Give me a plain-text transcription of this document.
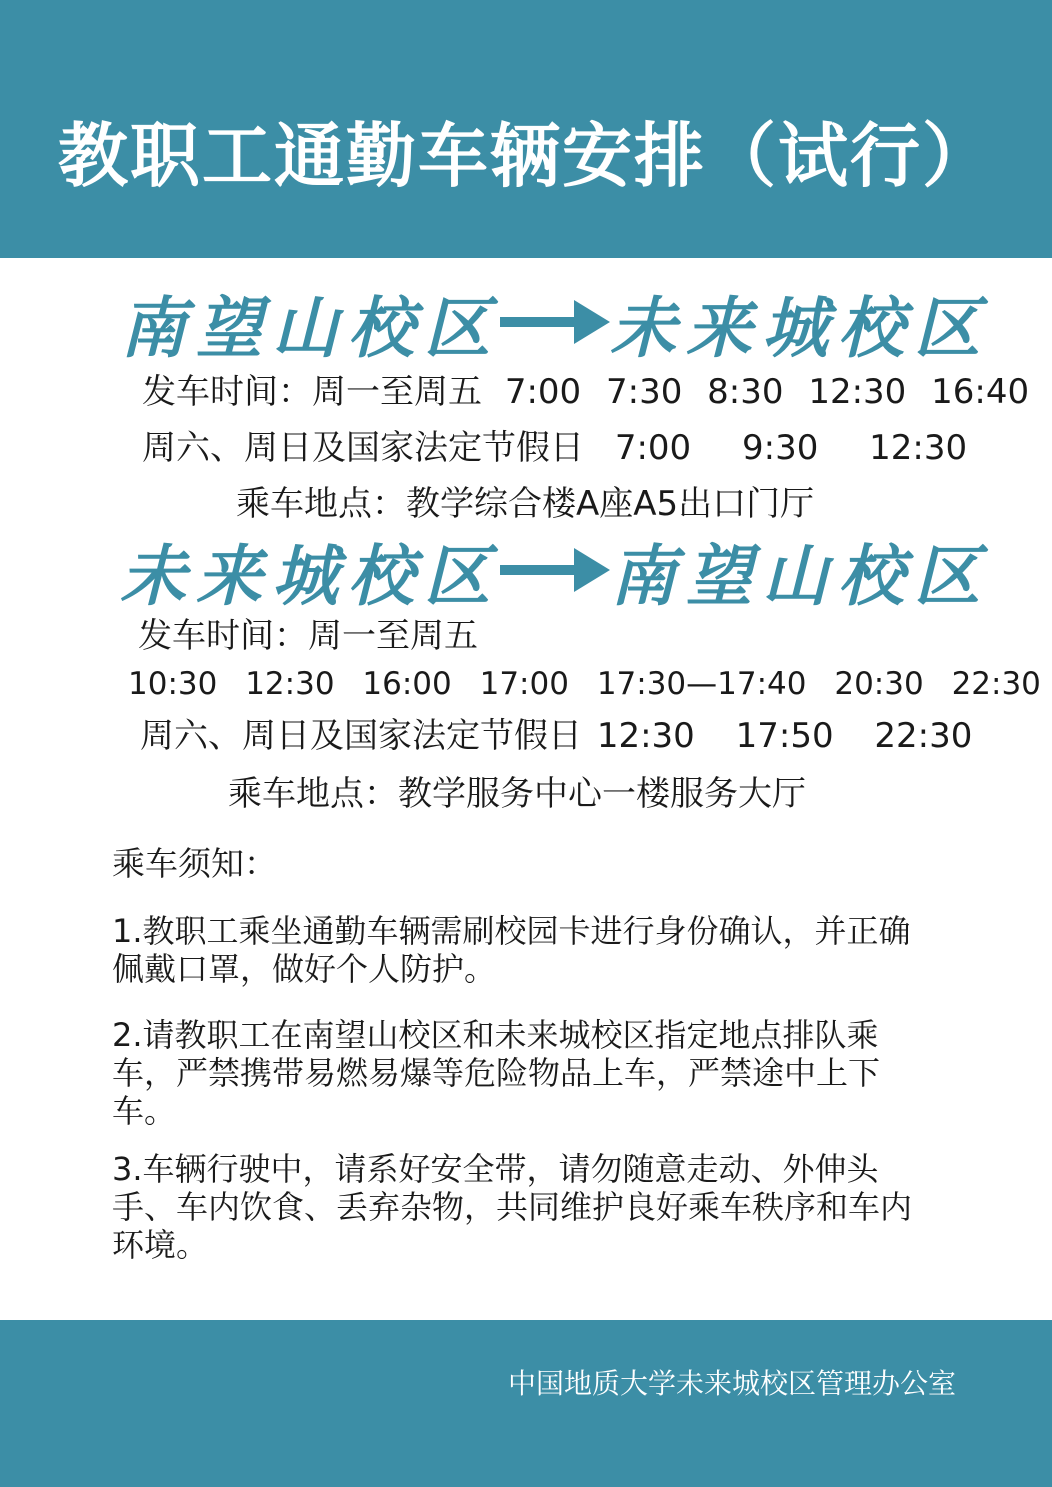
教职工通勤车辆安排（试行）
南望山校区 未来城校区
发车时间：周一至周五 7:00 7:30 8:30 12:30 16:40
周六、周日及国家法定节假日 7:00 9:30 12:30
乘车地点：教学综合楼A座A5出口门厅
未来城校区 南望山校区
发车时间：周一至周五
10:30 12:30 16:00 17:00 17:30—17:40 20:30 22:30
周六、周日及国家法定节假日 12:30 17:50 22:30
乘车地点：教学服务中心一楼服务大厅
乘车须知：
1.教职工乘坐通勤车辆需刷校园卡进行身份确认，并正确佩戴口罩，做好个人防护。
2.请教职工在南望山校区和未来城校区指定地点排队乘车，严禁携带易燃易爆等危险物品上车，严禁途中上下车。
3.车辆行驶中，请系好安全带，请勿随意走动、外伸头手、车内饮食、丢弃杂物，共同维护良好乘车秩序和车内环境。
中国地质大学未来城校区管理办公室
